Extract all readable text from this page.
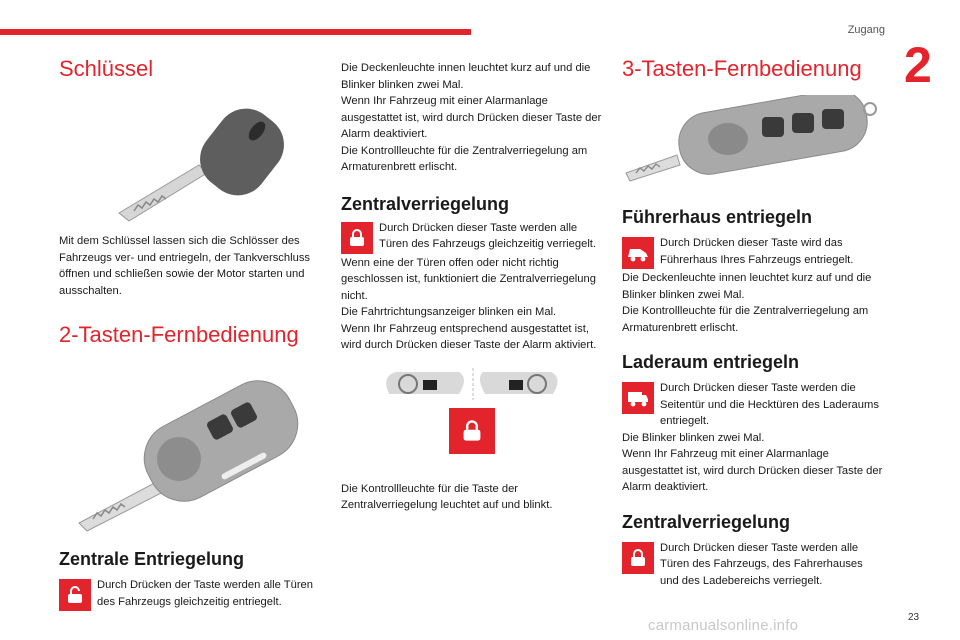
Zugang
2
Schlüssel

Mit dem Schlüssel lassen sich die Schlösser des Fahrzeugs ver- und entriegeln, der Tankverschluss öffnen und schließen sowie der Motor starten und ausschalten.

2-Tasten-Fernbedienung
Zentrale Entriegelung

Durch Drücken der Taste werden alle Türen des Fahrzeugs gleichzeitig entriegelt.

Die Deckenleuchte innen leuchtet kurz auf und die Blinker blinken zwei Mal.

Wenn Ihr Fahrzeug mit einer Alarmanlage ausgestattet ist, wird durch Drücken dieser Taste der Alarm deaktiviert.

Die Kontrollleuchte für die Zentralverriegelung am Armaturenbrett erlischt.

Zentralverriegelung

Durch Drücken dieser Taste werden alle Türen des Fahrzeugs gleichzeitig verriegelt.

Wenn eine der Türen offen oder nicht richtig geschlossen ist, funktioniert die Zentralverriegelung nicht.

Die Fahrtrichtungsanzeiger blinken ein Mal.

Wenn Ihr Fahrzeug entsprechend ausgestattet ist, wird durch Drücken dieser Taste der Alarm aktiviert.

Die Kontrollleuchte für die Taste der Zentralverriegelung leuchtet auf und blinkt.

3-Tasten-Fernbedienung
Führerhaus entriegeln

Durch Drücken dieser Taste wird das Führerhaus Ihres Fahrzeugs entriegelt.

Die Deckenleuchte innen leuchtet kurz auf und die Blinker blinken zwei Mal.

Die Kontrollleuchte für die Zentralverriegelung am Armaturenbrett erlischt.

Laderaum entriegeln

Durch Drücken dieser Taste werden die Seitentür und die Hecktüren des Laderaums entriegelt.

Die Blinker blinken zwei Mal.

Wenn Ihr Fahrzeug mit einer Alarmanlage ausgestattet ist, wird durch Drücken dieser Taste der Alarm deaktiviert.

Zentralverriegelung

Durch Drücken dieser Taste werden alle Türen des Fahrzeugs, des Fahrerhauses und des Ladebereichs verriegelt.

carmanualsonline.info	23
